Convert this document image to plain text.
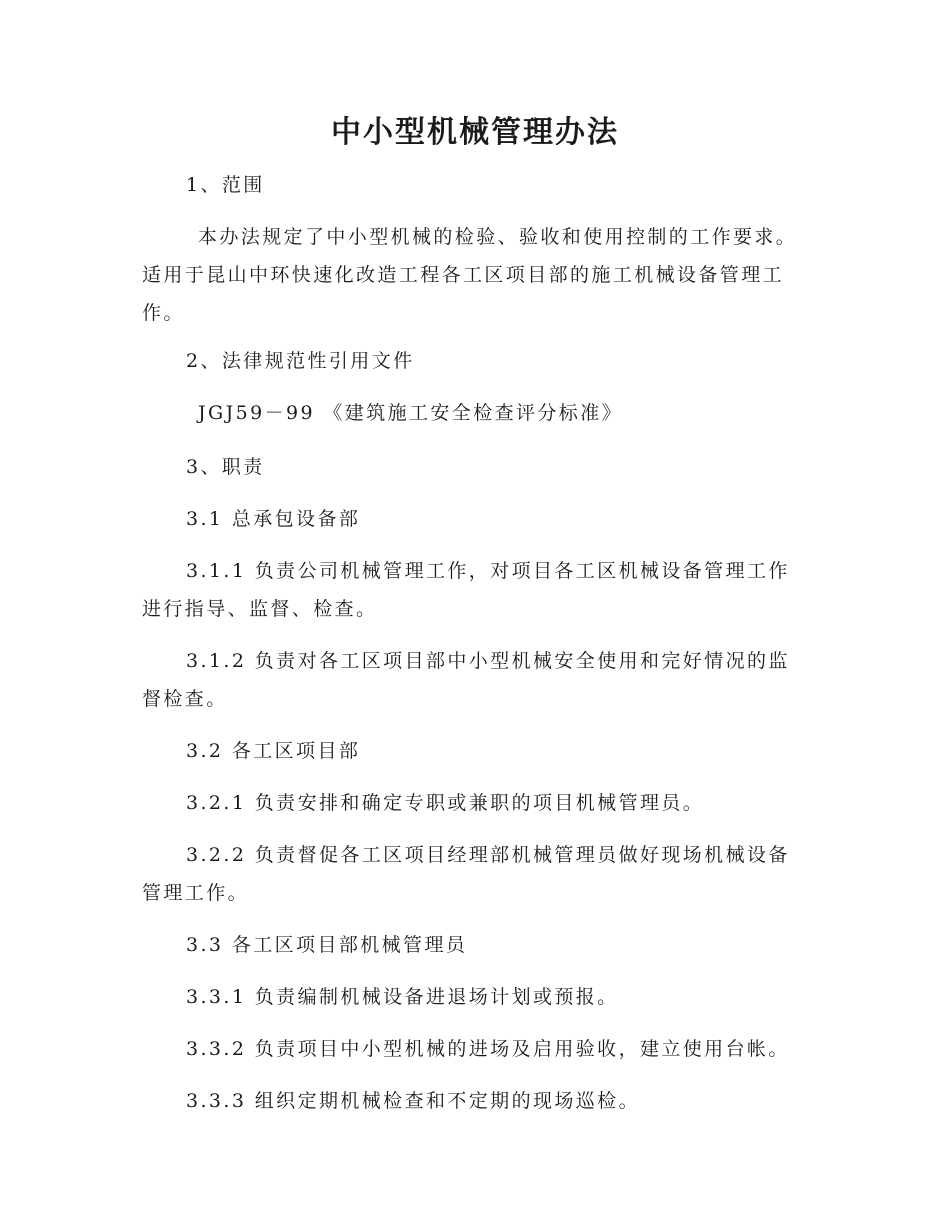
中小型机械管理办法

1、范围

本办法规定了中小型机械的检验、验收和使用控制的工作要求。适用于昆山中环快速化改造工程各工区项目部的施工机械设备管理工作。

2、法律规范性引用文件

JGJ59－99 《建筑施工安全检查评分标准》

3、职责

3.1 总承包设备部

3.1.1 负责公司机械管理工作，对项目各工区机械设备管理工作进行指导、监督、检查。

3.1.2 负责对各工区项目部中小型机械安全使用和完好情况的监督检查。

3.2 各工区项目部

3.2.1 负责安排和确定专职或兼职的项目机械管理员。

3.2.2 负责督促各工区项目经理部机械管理员做好现场机械设备管理工作。

3.3 各工区项目部机械管理员

3.3.1 负责编制机械设备进退场计划或预报。

3.3.2 负责项目中小型机械的进场及启用验收，建立使用台帐。

3.3.3 组织定期机械检查和不定期的现场巡检。
